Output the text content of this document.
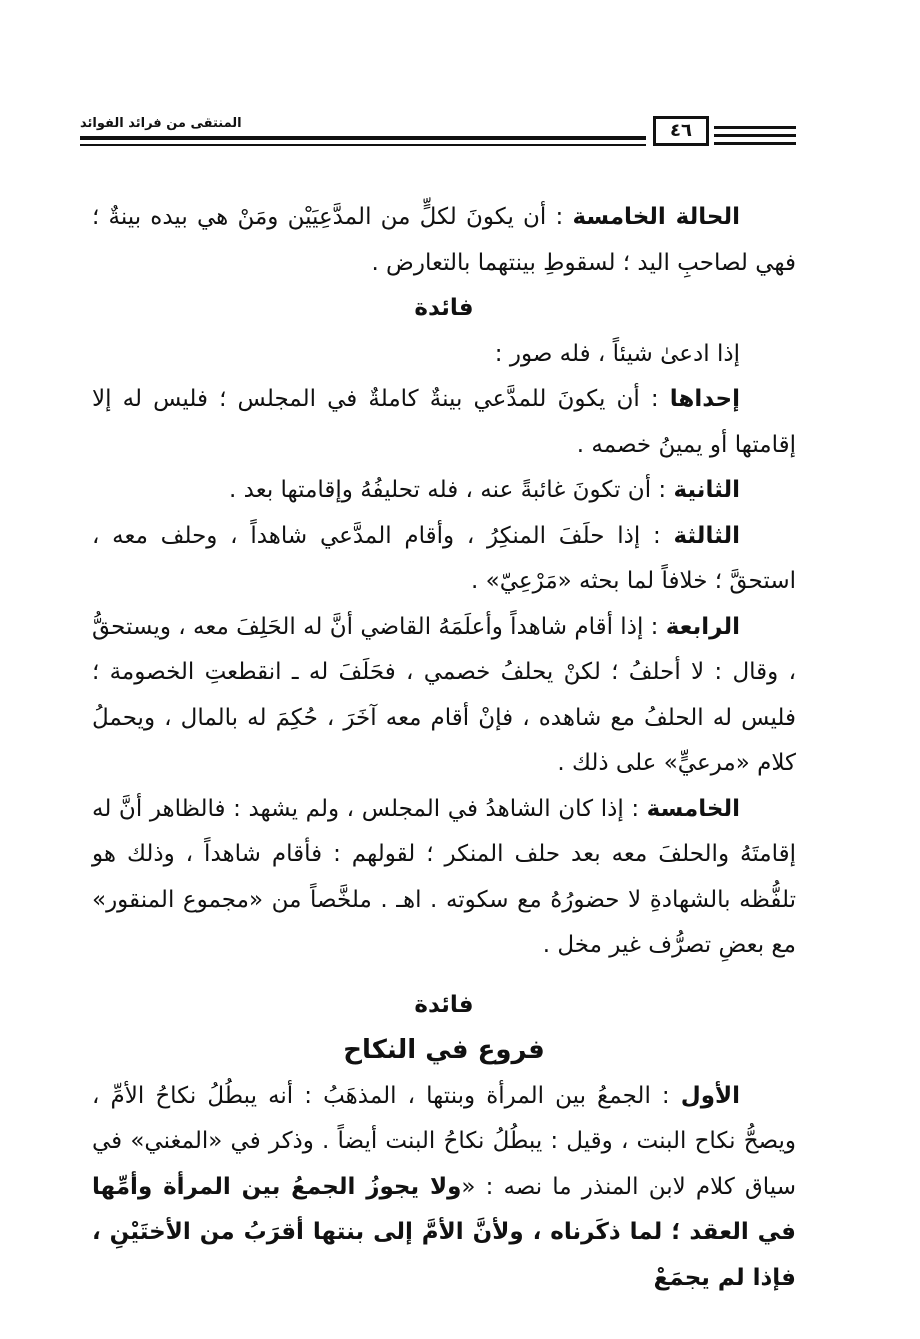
المنتقى من فرائد الفوائد	٤٦

الحالة الخامسة : أن يكونَ لكلٍّ من المدَّعِيَيْن ومَنْ هي بيده بينةٌ ؛ فهي لصاحبِ اليد ؛ لسقوطِ بينتهما بالتعارض .

فائدة

إذا ادعىٰ شيئاً ، فله صور :

إحداها : أن يكونَ للمدَّعي بينةٌ كاملةٌ في المجلس ؛ فليس له إلا إقامتها أو يمينُ خصمه .

الثانية : أن تكونَ غائبةً عنه ، فله تحليفُهُ وإقامتها بعد .

الثالثة : إذا حلَفَ المنكِرُ ، وأقام المدَّعي شاهداً ، وحلف معه ، استحقَّ ؛ خلافاً لما بحثه «مَرْعِيّ» .

الرابعة : إذا أقام شاهداً وأعلَمَهُ القاضي أنَّ له الحَلِفَ معه ، ويستحقُّ ، وقال : لا أحلفُ ؛ لكنْ يحلفُ خصمي ، فحَلَفَ له ـ انقطعتِ الخصومة ؛ فليس له الحلفُ مع شاهده ، فإنْ أقام معه آخَرَ ، حُكِمَ له بالمال ، ويحملُ كلام «مرعيٍّ» على ذلك .

الخامسة : إذا كان الشاهدُ في المجلس ، ولم يشهد : فالظاهر أنَّ له إقامتَهُ والحلفَ معه بعد حلف المنكر ؛ لقولهم : فأقام شاهداً ، وذلك هو تلفُّظه بالشهادةِ لا حضورُهُ مع سكوته . اهـ . ملخَّصاً من «مجموع المنقور» مع بعضِ تصرُّف غير مخل .

فائدة

فروع في النكاح

الأول : الجمعُ بين المرأة وبنتها ، المذهَبُ : أنه يبطُلُ نكاحُ الأمِّ ، ويصحُّ نكاح البنت ، وقيل : يبطُلُ نكاحُ البنت أيضاً . وذكر في «المغني» في سياق كلام لابن المنذر ما نصه : «ولا يجوزُ الجمعُ بين المرأة وأمِّها في العقد ؛ لما ذكَرناه ، ولأنَّ الأمَّ إلى بنتها أقرَبُ من الأختَيْنِ ، فإذا لم يجمَعْ
